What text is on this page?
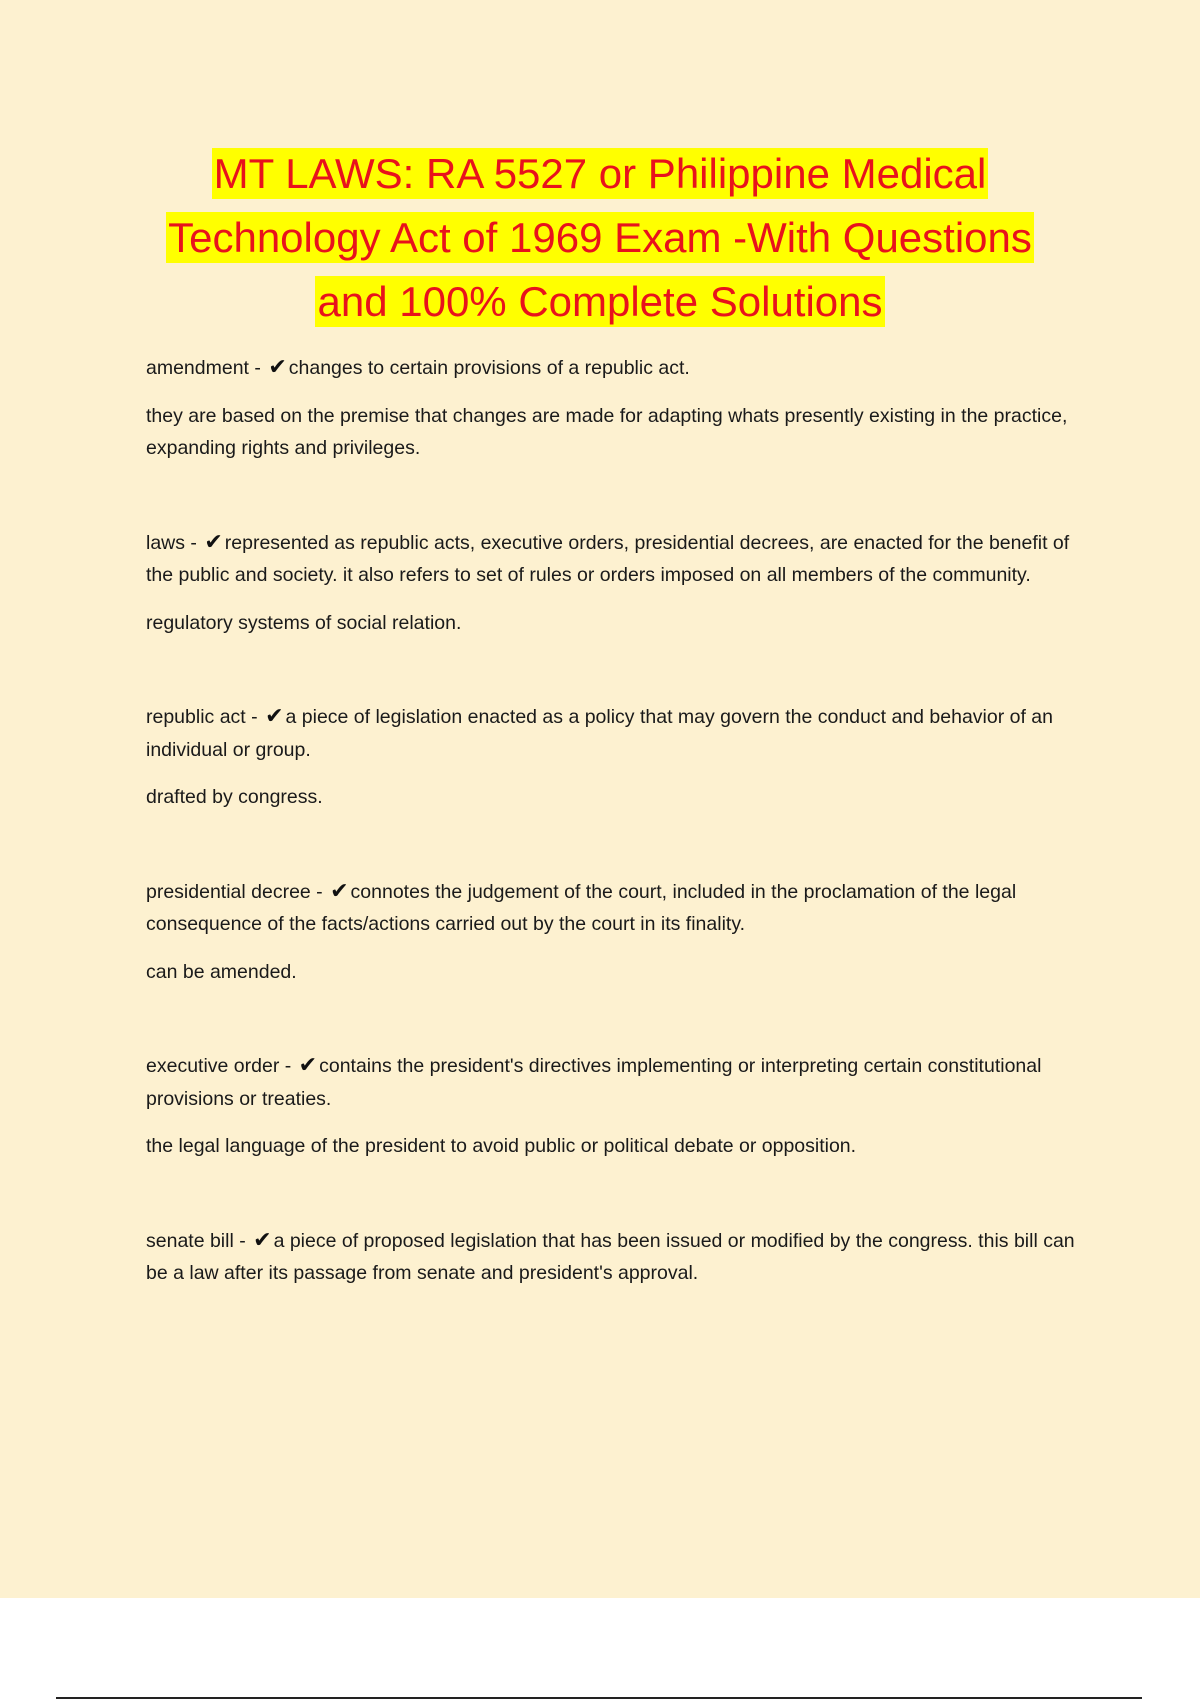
MT LAWS: RA 5527 or Philippine Medical
Technology Act of 1969 Exam -With Questions
and 100% Complete Solutions

amendment - ✔ changes to certain provisions of a republic act.

they are based on the premise that changes are made for adapting whats presently existing in the practice, expanding rights and privileges.

laws - ✔ represented as republic acts, executive orders, presidential decrees, are enacted for the benefit of the public and society. it also refers to set of rules or orders imposed on all members of the community.

regulatory systems of social relation.

republic act - ✔ a piece of legislation enacted as a policy that may govern the conduct and behavior of an individual or group.

drafted by congress.

presidential decree - ✔ connotes the judgement of the court, included in the proclamation of the legal consequence of the facts/actions carried out by the court in its finality.

can be amended.

executive order - ✔ contains the president's directives implementing or interpreting certain constitutional provisions or treaties.

the legal language of the president to avoid public or political debate or opposition.

senate bill - ✔ a piece of proposed legislation that has been issued or modified by the congress. this bill can be a law after its passage from senate and president's approval.
